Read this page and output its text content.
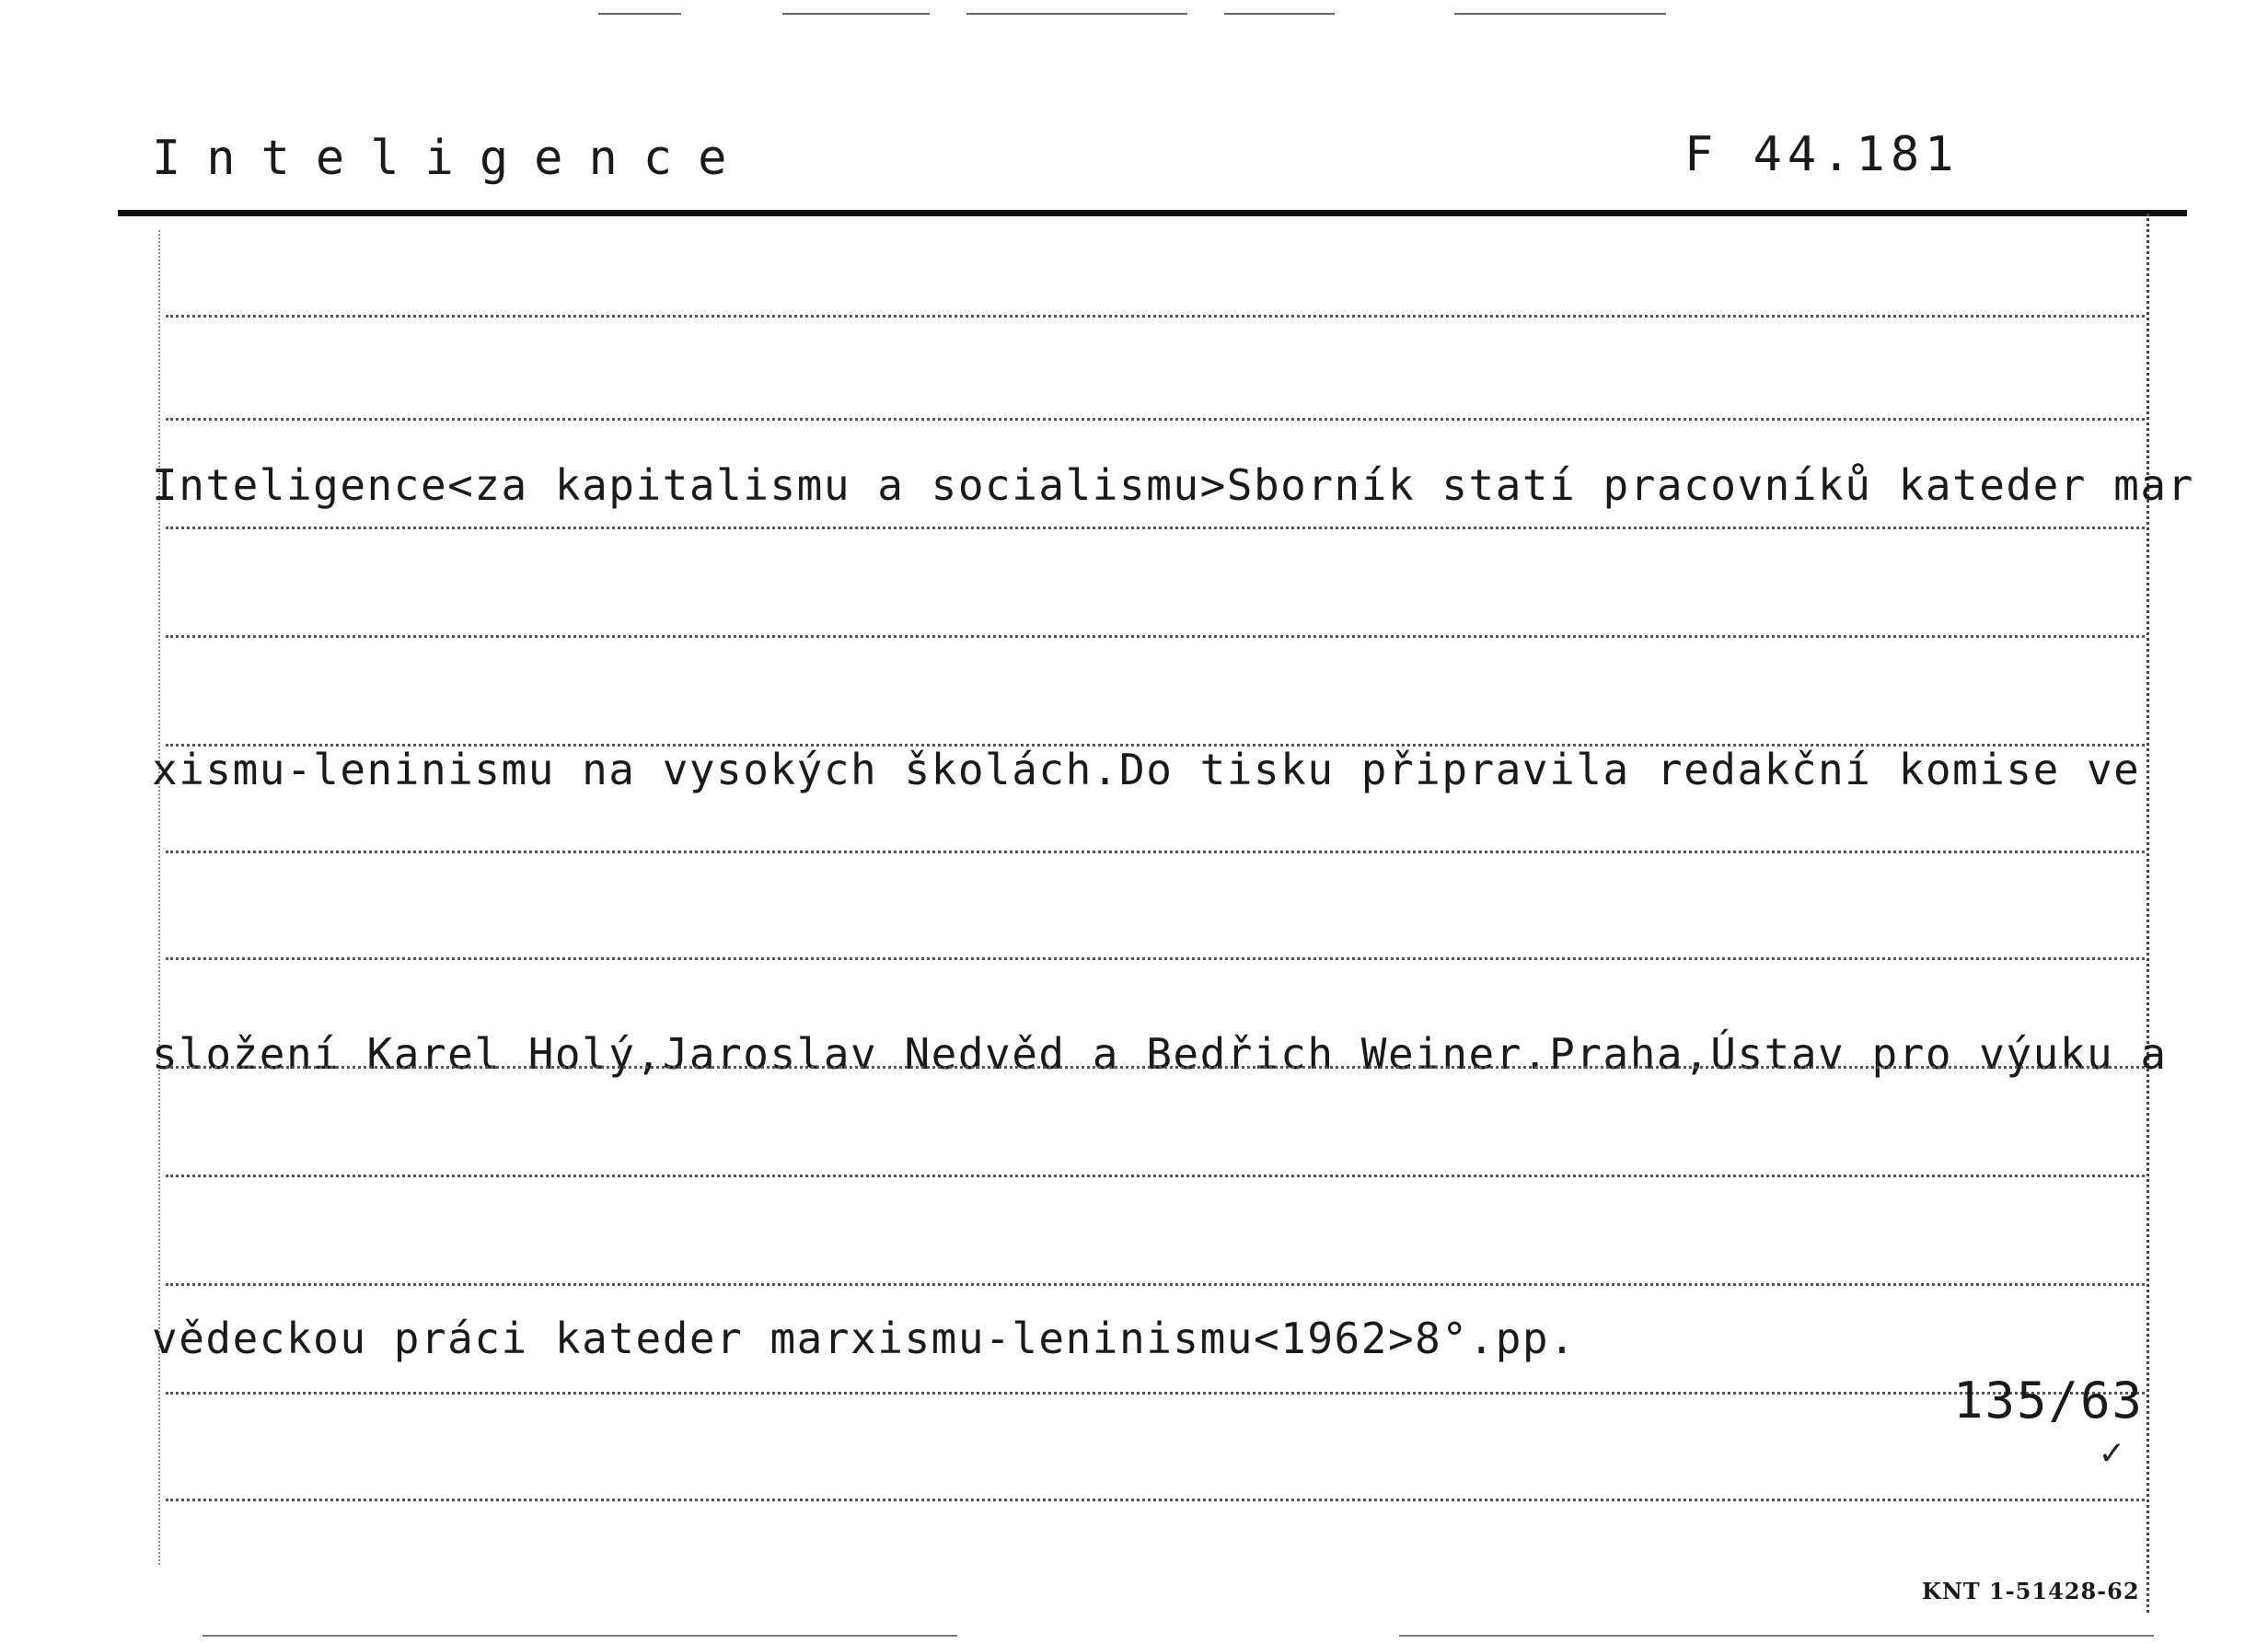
Inteligence	F 44.181

Inteligence<za kapitalismu a socialismu>Sborník statí pracovníků kateder mar

xismu-leninismu na vysokých školách.Do tisku připravila redakční komise ve

složení Karel Holý,Jaroslav Nedvěd a Bedřich Weiner.Praha,Ústav pro výuku a

vědeckou práci kateder marxismu-leninismu<1962>8°.pp.

135/63
✓
KNT 1-51428-62
